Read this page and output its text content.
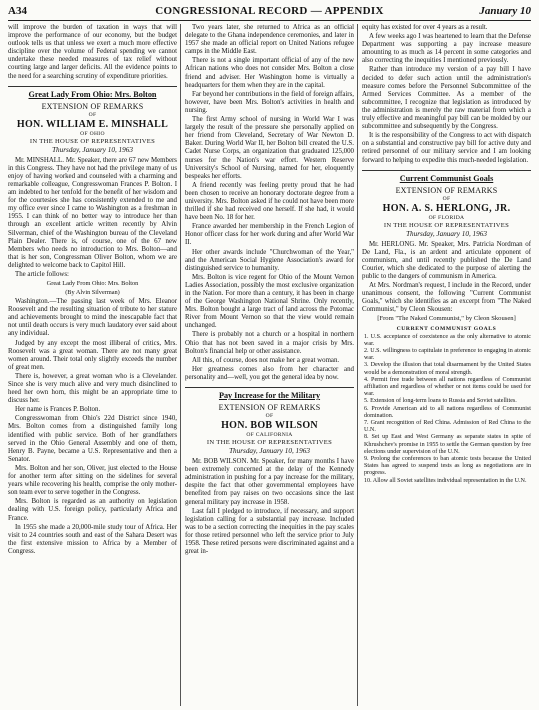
A34	CONGRESSIONAL RECORD — APPENDIX	January 10

will improve the burden of taxation in ways that will improve the performance of our economy, but the budget outlook tells us that unless we exert a much more effective discipline over the volume of Federal spending we cannot undertake these needed measures of tax relief without courting large and larger deficits. All the evidence points to the need for a searching scrutiny of expenditure priorities.

Great Lady From Ohio: Mrs. Bolton
EXTENSION OF REMARKS
OF
HON. WILLIAM E. MINSHALL
OF OHIO
IN THE HOUSE OF REPRESENTATIVES
Thursday, January 10, 1963

Mr. MINSHALL. Mr. Speaker, there are 67 new Members in this Congress. They have not had the privilege many of us enjoy of having worked and counseled with a charming and remarkable colleague, Congresswoman Frances P. Bolton. I am indebted to her tenfold for the benefit of her wisdom and for the courtesies she has consistently extended to me and my office ever since I came to Washington as a freshman in 1955. I can think of no better way to introduce her than through an excellent article written recently by Alvin Silverman, chief of the Washington bureau of the Cleveland Plain Dealer. There is, of course, one of the 67 new Members who needs no introduction to Mrs. Bolton—and that is her son, Congressman Oliver Bolton, whom we are delighted to welcome back to Capitol Hill.

The article follows:

Great Lady From Ohio: Mrs. Bolton
(By Alvin Silverman)

Washington.—The passing last week of Mrs. Eleanor Roosevelt and the resulting situation of tribute to her stature and achievements brought to mind the inescapable fact that not until death occurs is very much laudatory ever said about any individual.

Judged by any except the most illiberal of critics, Mrs. Roosevelt was a great woman. There are not many great women around. Their total only slightly exceeds the number of great men.

There is, however, a great woman who is a Clevelander. Since she is very much alive and very much disinclined to heed her own horn, this might be an appropriate time to discuss her.

Her name is Frances P. Bolton.

Congresswoman from Ohio's 22d District since 1940, Mrs. Bolton comes from a distinguished family long identified with public service. Both of her grandfathers served in the Ohio General Assembly and one of them, Henry B. Payne, became a U.S. Representative and then a Senator.

Mrs. Bolton and her son, Oliver, just elected to the House for another term after sitting on the sidelines for several years while recovering his health, comprise the only mother-son team ever to serve together in the Congress.

Mrs. Bolton is regarded as an authority on legislation dealing with U.S. foreign policy, particularly Africa and France.

In 1955 she made a 20,000-mile study tour of Africa. Her visit to 24 countries south and east of the Sahara Desert was the first extensive mission to Africa by a Member of Congress.

Two years later, she returned to Africa as an official delegate to the Ghana independence ceremonies, and later in 1957 she made an official report on United Nations refugee camps in the Middle East.

There is not a single important official of any of the new African nations who does not consider Mrs. Bolton a close friend and adviser. Her Washington home is virtually a headquarters for them when they are in the capital.

Far beyond her contributions in the field of foreign affairs, however, have been Mrs. Bolton's activities in health and nursing.

The first Army school of nursing in World War I was largely the result of the pressure she personally applied on her friend from Cleveland, Secretary of War Newton D. Baker. During World War II, her Bolton bill created the U.S. Cadet Nurse Corps, an organization that graduated 125,000 nurses for the Nation's war effort. Western Reserve University's School of Nursing, named for her, eloquently bespeaks her efforts.

A friend recently was feeling pretty proud that he had been chosen to receive an honorary doctorate degree from a university. Mrs. Bolton asked if he could not have been more thrilled if she had received one herself. If she had, it would have been No. 18 for her.

France awarded her membership in the French Legion of Honor officer class for her work during and after World War II.

Her other awards include "Churchwoman of the Year," and the American Social Hygiene Association's award for distinguished service to humanity.

Mrs. Bolton is vice regent for Ohio of the Mount Vernon Ladies Association, possibly the most exclusive organization in the Nation. For more than a century, it has been in charge of the George Washington National Shrine. Only recently, Mrs. Bolton bought a large tract of land across the Potomac River from Mount Vernon so that the view would remain unchanged.

There is probably not a church or a hospital in northern Ohio that has not been saved in a major crisis by Mrs. Bolton's financial help or other assistance.

All this, of course, does not make her a great woman.

Her greatness comes also from her character and personality and—well, you get the general idea by now.

Pay Increase for the Military
EXTENSION OF REMARKS
OF
HON. BOB WILSON
OF CALIFORNIA
IN THE HOUSE OF REPRESENTATIVES
Thursday, January 10, 1963

Mr. BOB WILSON. Mr. Speaker, for many months I have been extremely concerned at the delay of the Kennedy administration in pushing for a pay increase for the military, despite the fact that other governmental employees have benefited from pay raises on two occasions since the last general military pay increase in 1958.

Last fall I pledged to introduce, if necessary, and support legislation calling for a substantial pay increase. Included was to be a section correcting the inequities in the pay scales for those retired personnel who left the service prior to July 1958. These retired persons were discriminated against and a great in-

equity has existed for over 4 years as a result.

A few weeks ago I was heartened to learn that the Defense Department was supporting a pay increase measure amounting to as much as 14 percent in some categories and also correcting the inequities I mentioned previously.

Rather than introduce my version of a pay bill I have decided to defer such action until the administration's measure comes before the Personnel Subcommittee of the Armed Services Committee. As a member of the subcommittee, I recognize that legislation as introduced by the administration is merely the raw material from which a truly effective and meaningful pay bill can be molded by our subcommittee and subsequently by the Congress.

It is the responsibility of the Congress to act with dispatch on a substantial and constructive pay bill for active duty and retired personnel of our military service and I am looking forward to helping to expedite this much-needed legislation.

Current Communist Goals
EXTENSION OF REMARKS
OF
HON. A. S. HERLONG, JR.
OF FLORIDA
IN THE HOUSE OF REPRESENTATIVES
Thursday, January 10, 1963

Mr. HERLONG. Mr. Speaker, Mrs. Patricia Nordman of De Land, Fla., is an ardent and articulate opponent of communism, and until recently published the De Land Courier, which she dedicated to the purpose of alerting the public to the dangers of communism in America.

At Mrs. Nordman's request, I include in the Record, under unanimous consent, the following "Current Communist Goals," which she identifies as an excerpt from "The Naked Communist," by Cleon Skousen:

[From "The Naked Communist," by Cleon Skousen]
CURRENT COMMUNIST GOALS
1. U.S. acceptance of coexistence as the only alternative to atomic war.
2. U.S. willingness to capitulate in preference to engaging in atomic war.
3. Develop the illusion that total disarmament by the United States would be a demonstration of moral strength.
4. Permit free trade between all nations regardless of Communist affiliation and regardless of whether or not items could be used for war.
5. Extension of long-term loans to Russia and Soviet satellites.
6. Provide American aid to all nations regardless of Communist domination.
7. Grant recognition of Red China. Admission of Red China to the U.N.
8. Set up East and West Germany as separate states in spite of Khrushchev's promise in 1955 to settle the German question by free elections under supervision of the U.N.
9. Prolong the conferences to ban atomic tests because the United States has agreed to suspend tests as long as negotiations are in progress.
10. Allow all Soviet satellites individual representation in the U.N.
